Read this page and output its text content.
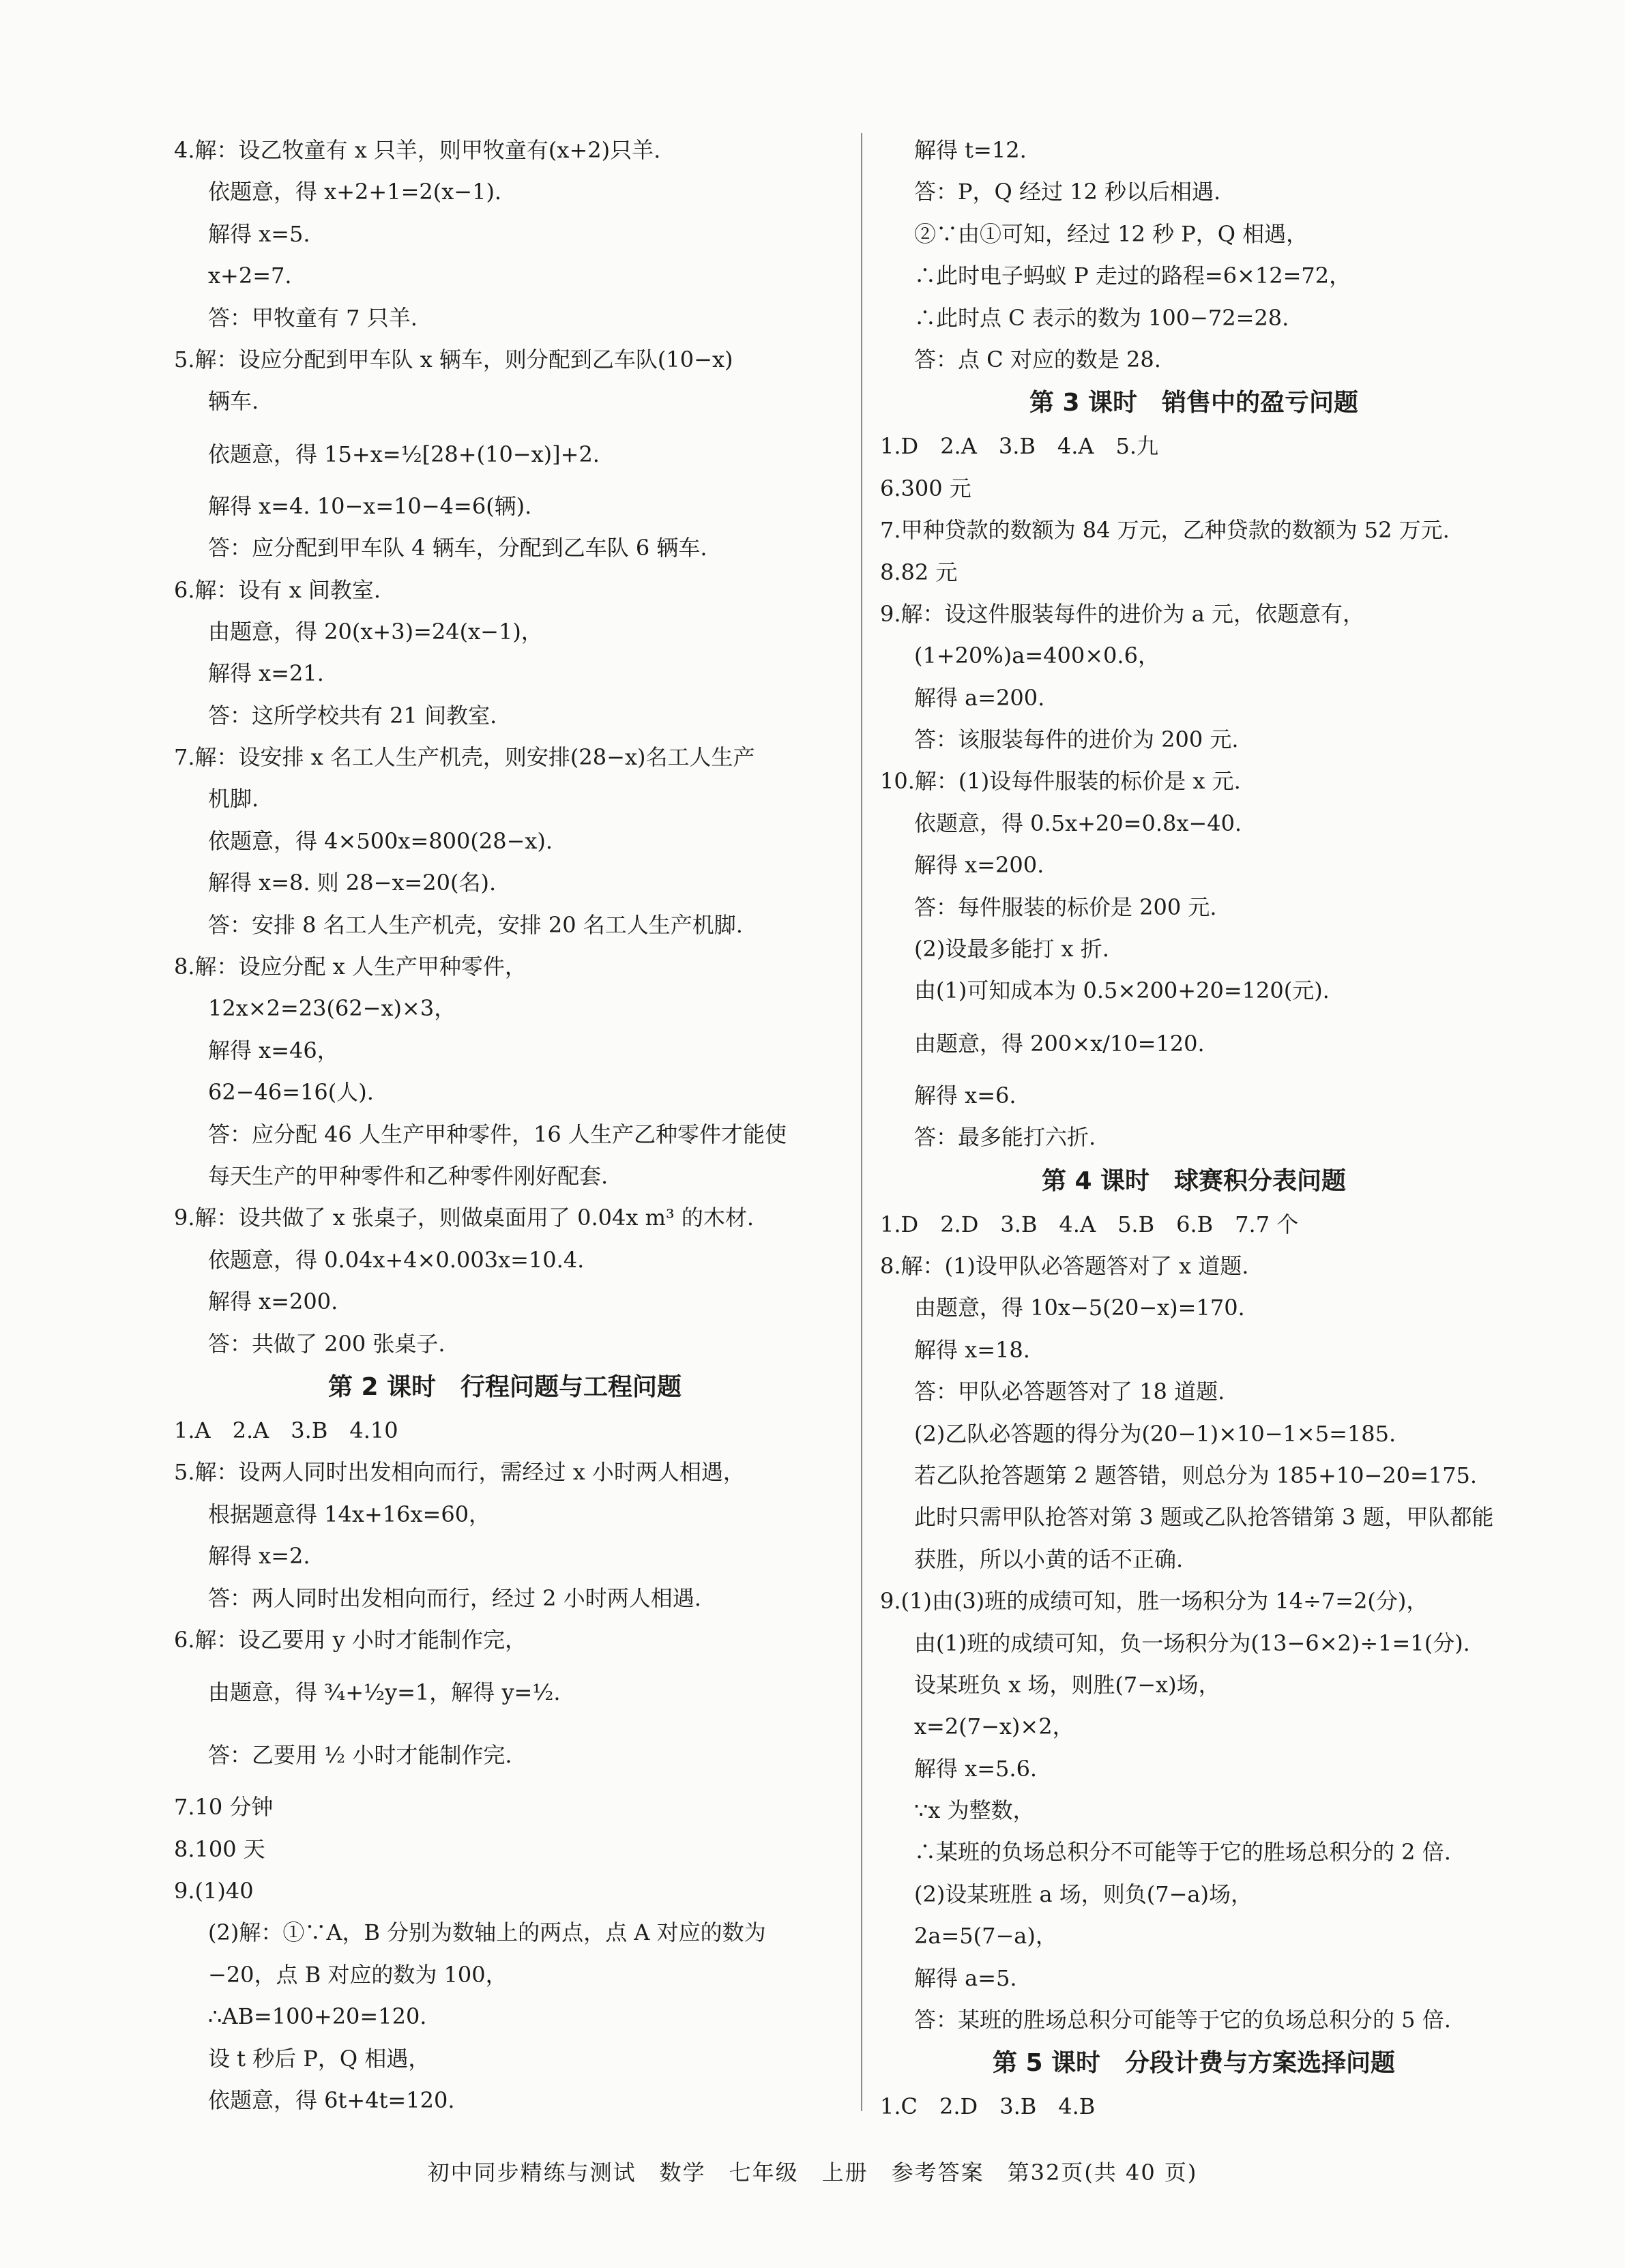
4.解：设乙牧童有 x 只羊，则甲牧童有(x+2)只羊.
依题意，得 x+2+1=2(x−1).
解得 x=5.
x+2=7.
答：甲牧童有 7 只羊.
5.解：设应分配到甲车队 x 辆车，则分配到乙车队(10−x)
辆车.
依题意，得 15+x=½[28+(10−x)]+2.
解得 x=4. 10−x=10−4=6(辆).
答：应分配到甲车队 4 辆车，分配到乙车队 6 辆车.
6.解：设有 x 间教室.
由题意，得 20(x+3)=24(x−1)，
解得 x=21.
答：这所学校共有 21 间教室.
7.解：设安排 x 名工人生产机壳，则安排(28−x)名工人生产
机脚.
依题意，得 4×500x=800(28−x).
解得 x=8. 则 28−x=20(名).
答：安排 8 名工人生产机壳，安排 20 名工人生产机脚.
8.解：设应分配 x 人生产甲种零件，
12x×2=23(62−x)×3，
解得 x=46，
62−46=16(人).
答：应分配 46 人生产甲种零件，16 人生产乙种零件才能使
每天生产的甲种零件和乙种零件刚好配套.
9.解：设共做了 x 张桌子，则做桌面用了 0.04x m³ 的木材.
依题意，得 0.04x+4×0.003x=10.4.
解得 x=200.
答：共做了 200 张桌子.
第 2 课时　行程问题与工程问题
1.A　2.A　3.B　4.10
5.解：设两人同时出发相向而行，需经过 x 小时两人相遇，
根据题意得 14x+16x=60，
解得 x=2.
答：两人同时出发相向而行，经过 2 小时两人相遇.
6.解：设乙要用 y 小时才能制作完，
由题意，得 ¾+½y=1，解得 y=½.
答：乙要用 ½ 小时才能制作完.
7.10 分钟
8.100 天
9.(1)40
(2)解：①∵A，B 分别为数轴上的两点，点 A 对应的数为
−20，点 B 对应的数为 100，
∴AB=100+20=120.
设 t 秒后 P，Q 相遇，
依题意，得 6t+4t=120.
解得 t=12.
答：P，Q 经过 12 秒以后相遇.
②∵由①可知，经过 12 秒 P，Q 相遇，
∴此时电子蚂蚁 P 走过的路程=6×12=72，
∴此时点 C 表示的数为 100−72=28.
答：点 C 对应的数是 28.
第 3 课时　销售中的盈亏问题
1.D　2.A　3.B　4.A　5.九
6.300 元
7.甲种贷款的数额为 84 万元，乙种贷款的数额为 52 万元.
8.82 元
9.解：设这件服装每件的进价为 a 元，依题意有，
(1+20%)a=400×0.6，
解得 a=200.
答：该服装每件的进价为 200 元.
10.解：(1)设每件服装的标价是 x 元.
依题意，得 0.5x+20=0.8x−40.
解得 x=200.
答：每件服装的标价是 200 元.
(2)设最多能打 x 折.
由(1)可知成本为 0.5×200+20=120(元).
由题意，得 200×x/10=120.
解得 x=6.
答：最多能打六折.
第 4 课时　球赛积分表问题
1.D　2.D　3.B　4.A　5.B　6.B　7.7 个
8.解：(1)设甲队必答题答对了 x 道题.
由题意，得 10x−5(20−x)=170.
解得 x=18.
答：甲队必答题答对了 18 道题.
(2)乙队必答题的得分为(20−1)×10−1×5=185.
若乙队抢答题第 2 题答错，则总分为 185+10−20=175.
此时只需甲队抢答对第 3 题或乙队抢答错第 3 题，甲队都能
获胜，所以小黄的话不正确.
9.(1)由(3)班的成绩可知，胜一场积分为 14÷7=2(分)，
由(1)班的成绩可知，负一场积分为(13−6×2)÷1=1(分).
设某班负 x 场，则胜(7−x)场，
x=2(7−x)×2，
解得 x=5.6.
∵x 为整数，
∴某班的负场总积分不可能等于它的胜场总积分的 2 倍.
(2)设某班胜 a 场，则负(7−a)场，
2a=5(7−a)，
解得 a=5.
答：某班的胜场总积分可能等于它的负场总积分的 5 倍.
第 5 课时　分段计费与方案选择问题
1.C　2.D　3.B　4.B
初中同步精练与测试　数学　七年级　上册　参考答案　第32页(共 40 页)
